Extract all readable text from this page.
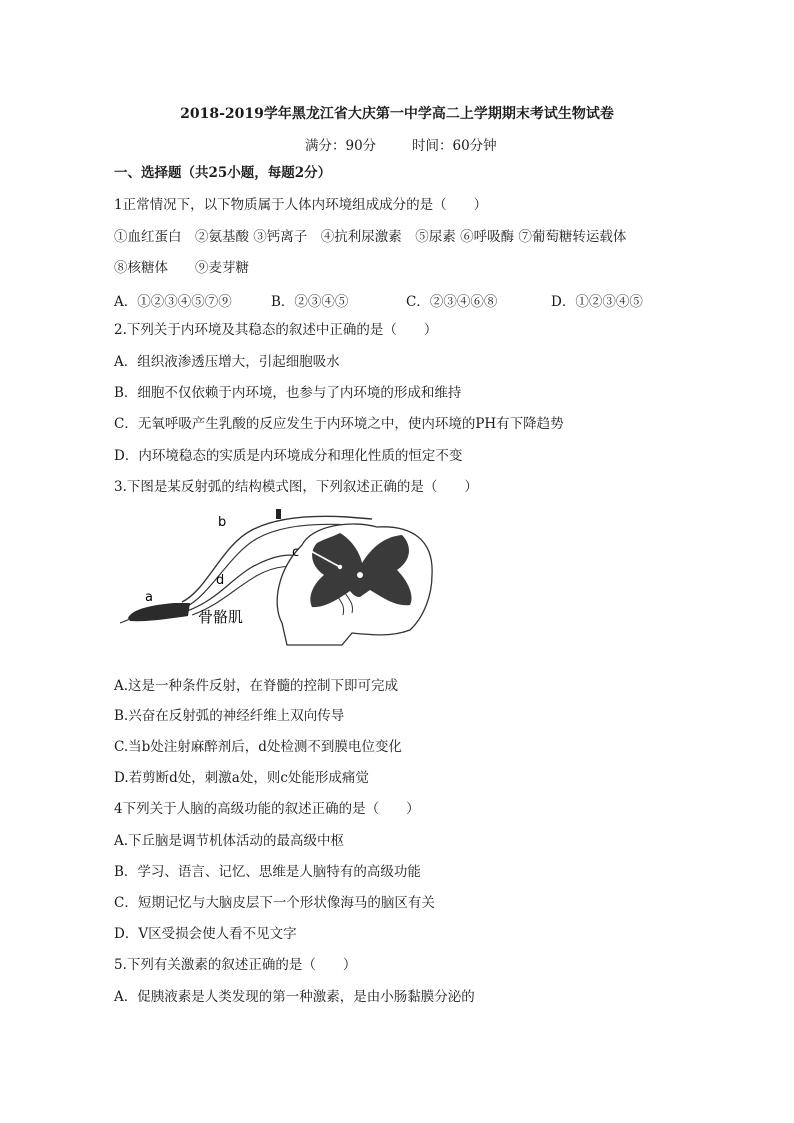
2018-2019学年黑龙江省大庆第一中学高二上学期期末考试生物试卷
满分：90分	时间：60分钟
一、选择题（共25小题，每题2分）
1正常情况下，以下物质属于人体内环境组成成分的是（　　）
①血红蛋白　②氨基酸 ③钙离子　④抗利尿激素　⑤尿素 ⑥呼吸酶 ⑦葡萄糖转运载体
⑧核糖体　　⑨麦芽糖
A．①②③④⑤⑦⑨	B．②③④⑤	C．②③④⑥⑧	D．①②③④⑤
2.下列关于内环境及其稳态的叙述中正确的是（　　）
A．组织液渗透压增大，引起细胞吸水
B．细胞不仅依赖于内环境，也参与了内环境的形成和维持
C．无氧呼吸产生乳酸的反应发生于内环境之中，使内环境的PH有下降趋势
D．内环境稳态的实质是内环境成分和理化性质的恒定不变
3.下图是某反射弧的结构模式图，下列叙述正确的是（　　）
b
c
d
a
骨骼肌
A.这是一种条件反射，在脊髓的控制下即可完成
B.兴奋在反射弧的神经纤维上双向传导
C.当b处注射麻醉剂后，d处检测不到膜电位变化
D.若剪断d处，刺激a处，则c处能形成痛觉
4下列关于人脑的高级功能的叙述正确的是（　　）
A.下丘脑是调节机体活动的最高级中枢
B．学习、语言、记忆、思维是人脑特有的高级功能
C．短期记忆与大脑皮层下一个形状像海马的脑区有关
D．V区受损会使人看不见文字
5.下列有关激素的叙述正确的是（　　）
A．促胰液素是人类发现的第一种激素，是由小肠黏膜分泌的
